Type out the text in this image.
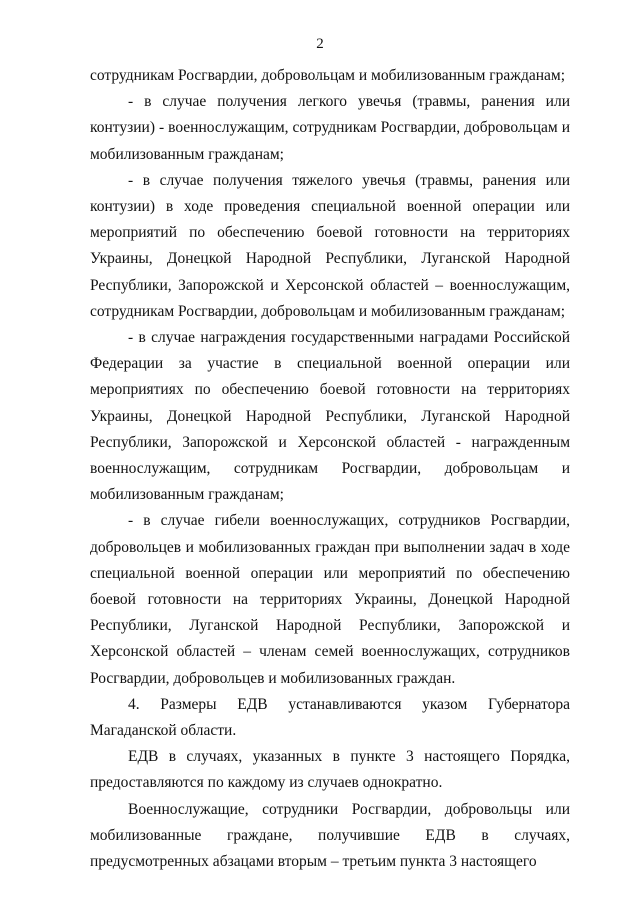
2

сотрудникам Росгвардии, добровольцам и мобилизованным гражданам;

- в случае получения легкого увечья (травмы, ранения или контузии) - военнослужащим, сотрудникам Росгвардии, добровольцам и мобилизованным гражданам;

- в случае получения тяжелого увечья (травмы, ранения или контузии) в ходе проведения специальной военной операции или мероприятий по обеспечению боевой готовности на территориях Украины, Донецкой Народной Республики, Луганской Народной Республики, Запорожской и Херсонской областей – военнослужащим, сотрудникам Росгвардии, добровольцам и мобилизованным гражданам;

- в случае награждения государственными наградами Российской Федерации за участие в специальной военной операции или мероприятиях по обеспечению боевой готовности на территориях Украины, Донецкой Народной Республики, Луганской Народной Республики, Запорожской и Херсонской областей - награжденным военнослужащим, сотрудникам Росгвардии, добровольцам и мобилизованным гражданам;

- в случае гибели военнослужащих, сотрудников Росгвардии, добровольцев и мобилизованных граждан при выполнении задач в ходе специальной военной операции или мероприятий по обеспечению боевой готовности на территориях Украины, Донецкой Народной Республики, Луганской Народной Республики, Запорожской и Херсонской областей – членам семей военнослужащих, сотрудников Росгвардии, добровольцев и мобилизованных граждан.

4. Размеры ЕДВ устанавливаются указом Губернатора Магаданской области.

ЕДВ в случаях, указанных в пункте 3 настоящего Порядка, предоставляются по каждому из случаев однократно.

Военнослужащие, сотрудники Росгвардии, добровольцы или мобилизованные граждане, получившие ЕДВ в случаях, предусмотренных абзацами вторым – третьим пункта 3 настоящего
